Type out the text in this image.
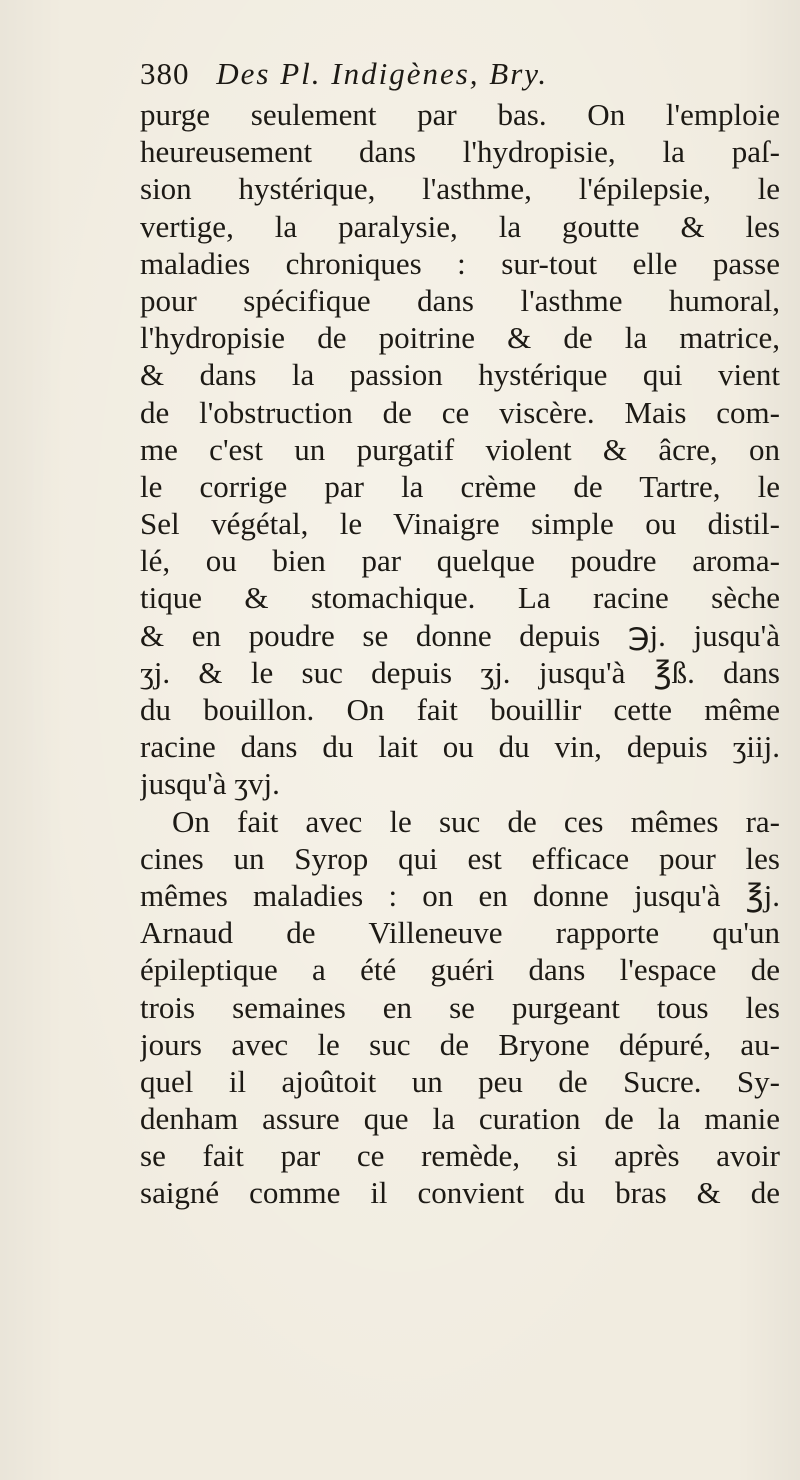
380 Des Pl. Indigènes, Bry.
purge seulement par bas. On l'emploie
heureusement dans l'hydropisie, la paſ-
sion hystérique, l'asthme, l'épilepsie, le
vertige, la paralysie, la goutte & les
maladies chroniques : sur-tout elle passe
pour spécifique dans l'asthme humoral,
l'hydropisie de poitrine & de la matrice,
& dans la passion hystérique qui vient
de l'obstruction de ce viscère. Mais com-
me c'est un purgatif violent & âcre, on
le corrige par la crème de Tartre, le
Sel végétal, le Vinaigre simple ou distil-
lé, ou bien par quelque poudre aroma-
tique & stomachique. La racine sèche
& en poudre se donne depuis ℈j. jusqu'à
ʒj. & le suc depuis ʒj. jusqu'à ℥ß. dans
du bouillon. On fait bouillir cette même
racine dans du lait ou du vin, depuis ʒiij.
jusqu'à ʒvj.
On fait avec le suc de ces mêmes ra-
cines un Syrop qui est efficace pour les
mêmes maladies : on en donne jusqu'à ℥j.
Arnaud de Villeneuve rapporte qu'un
épileptique a été guéri dans l'espace de
trois semaines en se purgeant tous les
jours avec le suc de Bryone dépuré, au-
quel il ajoûtoit un peu de Sucre. Sy-
denham assure que la curation de la manie
se fait par ce remède, si après avoir
saigné comme il convient du bras & de
